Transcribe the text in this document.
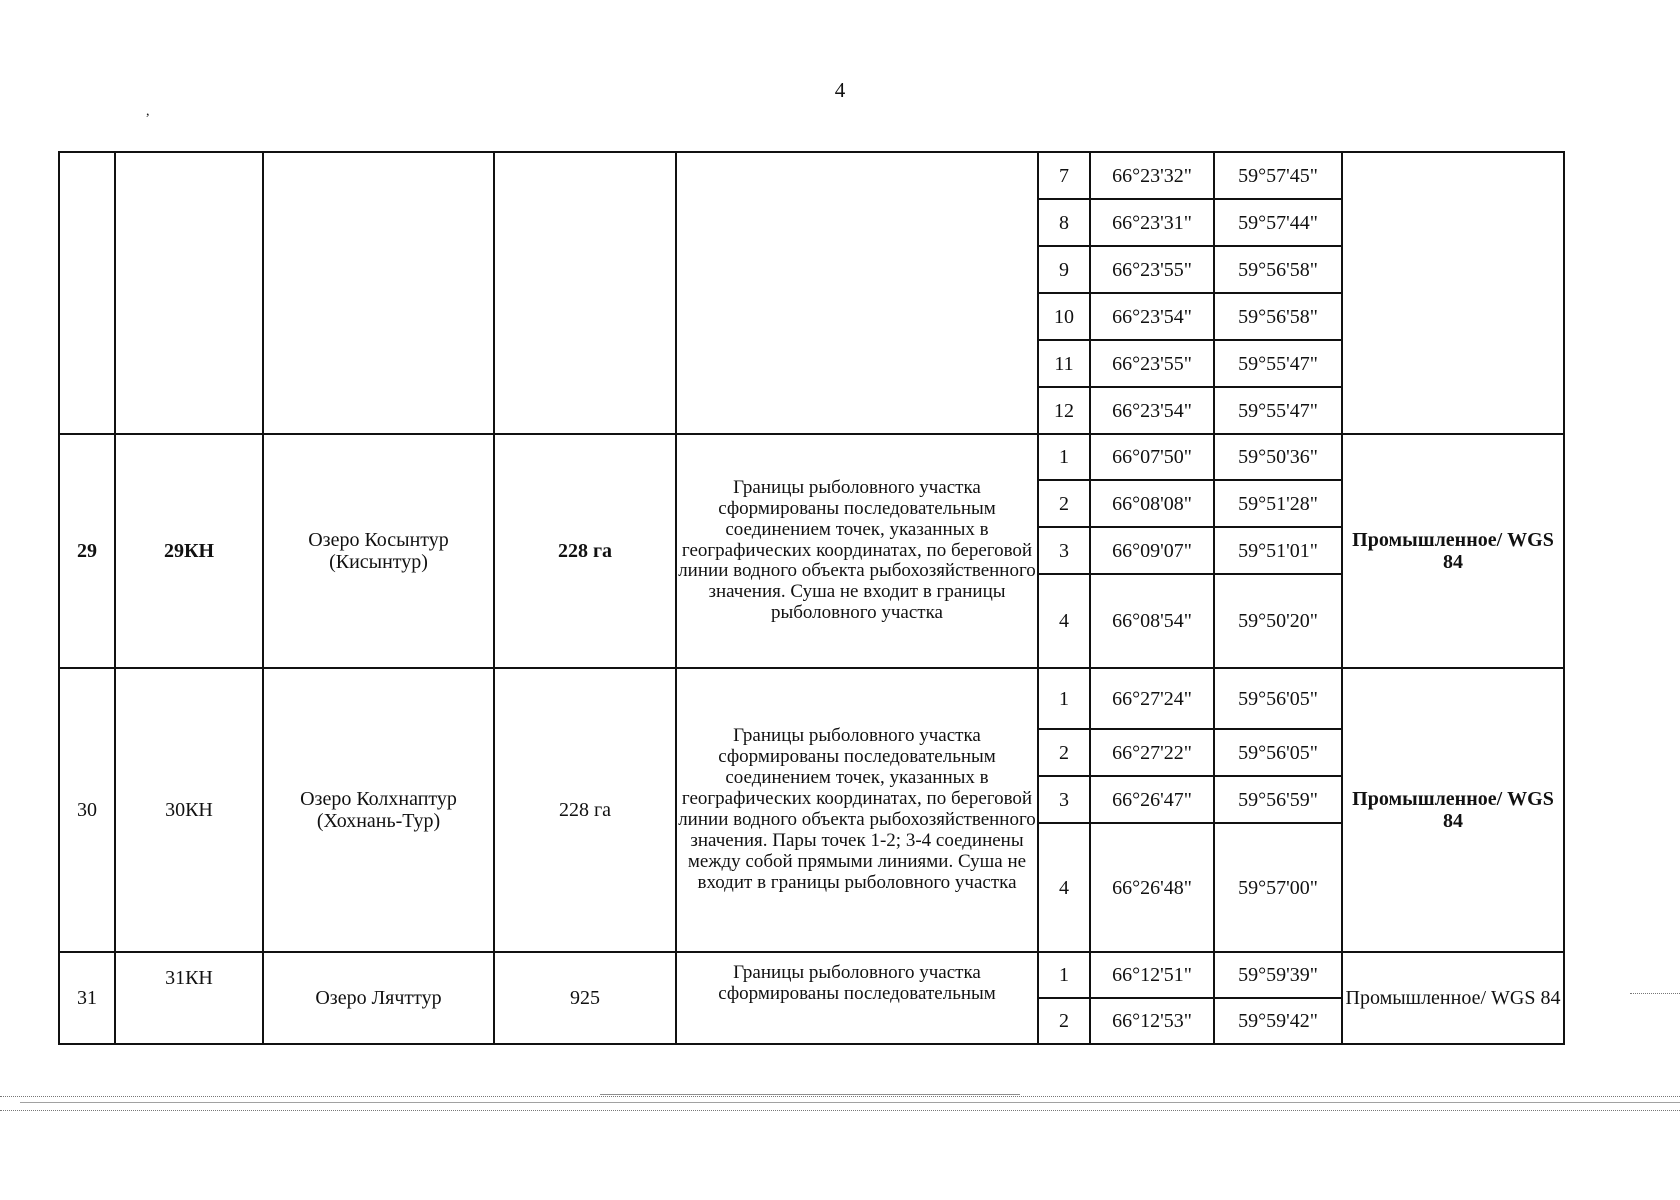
4
,
					7	66°23'32"	59°57'45"	
					8	66°23'31"	59°57'44"	
					9	66°23'55"	59°56'58"	
					10	66°23'54"	59°56'58"	
					11	66°23'55"	59°55'47"	
					12	66°23'54"	59°55'47"	
29	29КН	Озеро Косынтур (Кисынтур)	228 га	Границы рыболовного участка сформированы последовательным соединением точек, указанных в географических координатах, по береговой линии водного объекта рыбохозяйственного значения. Суша не входит в границы рыболовного участка	1	66°07'50"	59°50'36"	Промышленное/ WGS 84
					2	66°08'08"	59°51'28"	
					3	66°09'07"	59°51'01"	
					4	66°08'54"	59°50'20"	
30	30КН	Озеро Колхнаптур (Хохнань-Тур)	228 га	Границы рыболовного участка сформированы последовательным соединением точек, указанных в географических координатах, по береговой линии водного объекта рыбохозяйственного значения. Пары точек 1-2; 3-4 соединены между собой прямыми линиями. Суша не входит в границы рыболовного участка	1	66°27'24"	59°56'05"	Промышленное/ WGS 84
					2	66°27'22"	59°56'05"	
					3	66°26'47"	59°56'59"	
					4	66°26'48"	59°57'00"	
31	31КН	Озеро Лячттур	925	Границы рыболовного участка сформированы последовательным	1	66°12'51"	59°59'39"	Промышленное/ WGS 84
					2	66°12'53"	59°59'42"	
